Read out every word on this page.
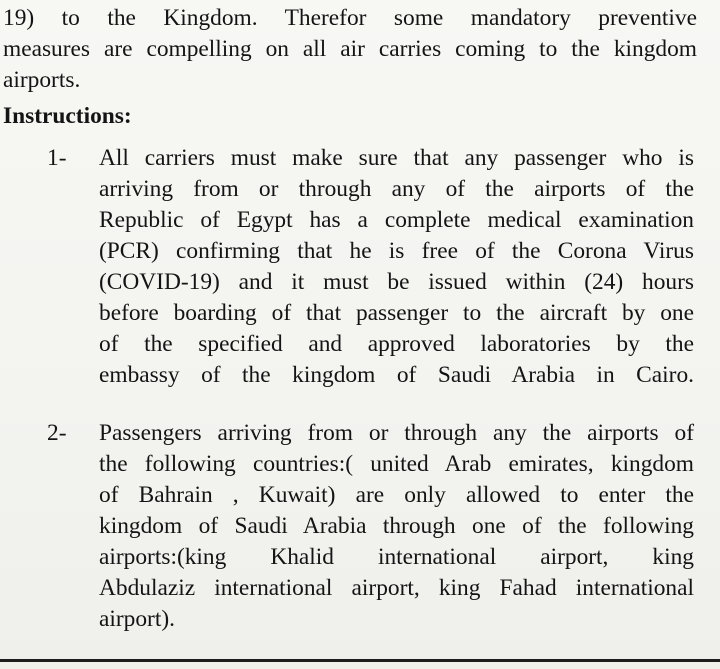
19) to the Kingdom. Therefor some mandatory preventive
measures are compelling on all air carries coming to the kingdom
airports.
Instructions:
1- All carriers must make sure that any passenger who is
arriving from or through any of the airports of the
Republic of Egypt has a complete medical examination
(PCR) confirming that he is free of the Corona Virus
(COVID-19) and it must be issued within (24) hours
before boarding of that passenger to the aircraft by one
of the specified and approved laboratories by the
embassy of the kingdom of Saudi Arabia in Cairo.
2- Passengers arriving from or through any the airports of
the following countries:( united Arab emirates, kingdom
of Bahrain , Kuwait) are only allowed to enter the
kingdom of Saudi Arabia through one of the following
airports:(king Khalid international airport, king
Abdulaziz international airport, king Fahad international
airport).
